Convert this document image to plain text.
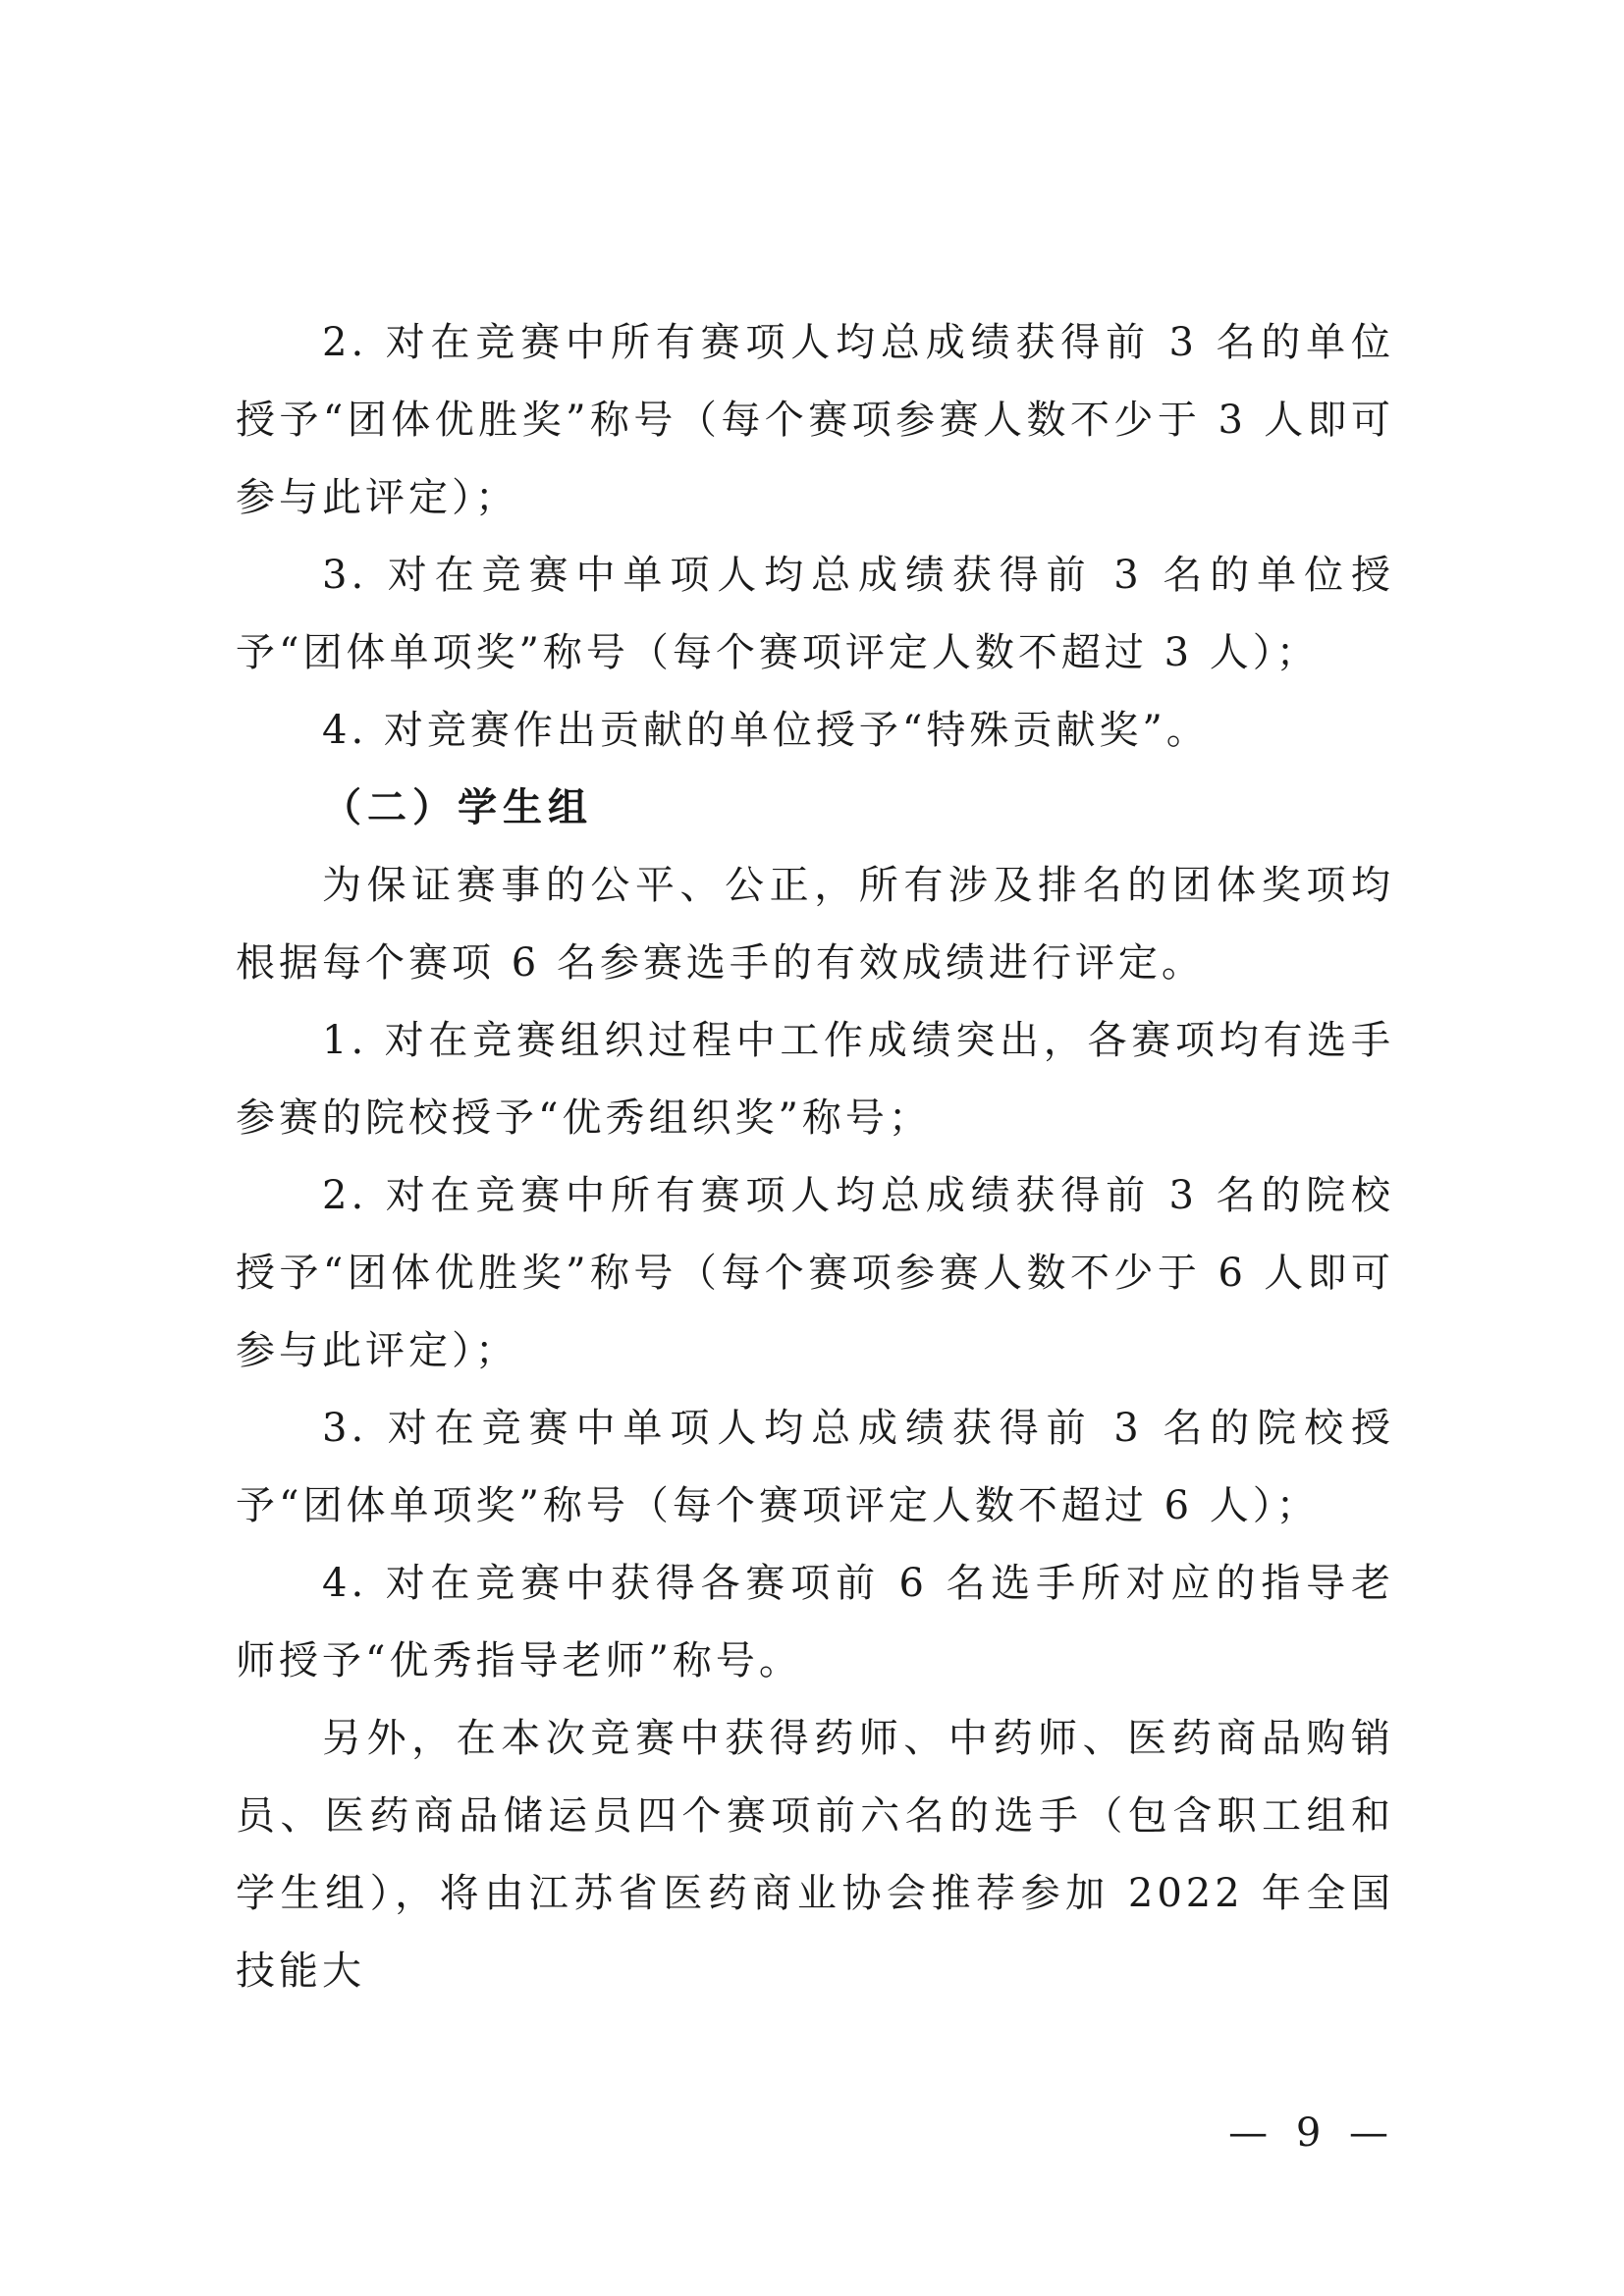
2. 对在竞赛中所有赛项人均总成绩获得前 3 名的单位授予“团体优胜奖”称号（每个赛项参赛人数不少于 3 人即可参与此评定）；

3. 对在竞赛中单项人均总成绩获得前 3 名的单位授予“团体单项奖”称号（每个赛项评定人数不超过 3 人）；

4. 对竞赛作出贡献的单位授予“特殊贡献奖”。

（二）学生组

为保证赛事的公平、公正，所有涉及排名的团体奖项均根据每个赛项 6 名参赛选手的有效成绩进行评定。

1. 对在竞赛组织过程中工作成绩突出，各赛项均有选手参赛的院校授予“优秀组织奖”称号；

2. 对在竞赛中所有赛项人均总成绩获得前 3 名的院校授予“团体优胜奖”称号（每个赛项参赛人数不少于 6 人即可参与此评定）；

3. 对在竞赛中单项人均总成绩获得前 3 名的院校授予“团体单项奖”称号（每个赛项评定人数不超过 6 人）；

4. 对在竞赛中获得各赛项前 6 名选手所对应的指导老师授予“优秀指导老师”称号。

另外，在本次竞赛中获得药师、中药师、医药商品购销员、医药商品储运员四个赛项前六名的选手（包含职工组和学生组），将由江苏省医药商业协会推荐参加 2022 年全国技能大

— 9 —
